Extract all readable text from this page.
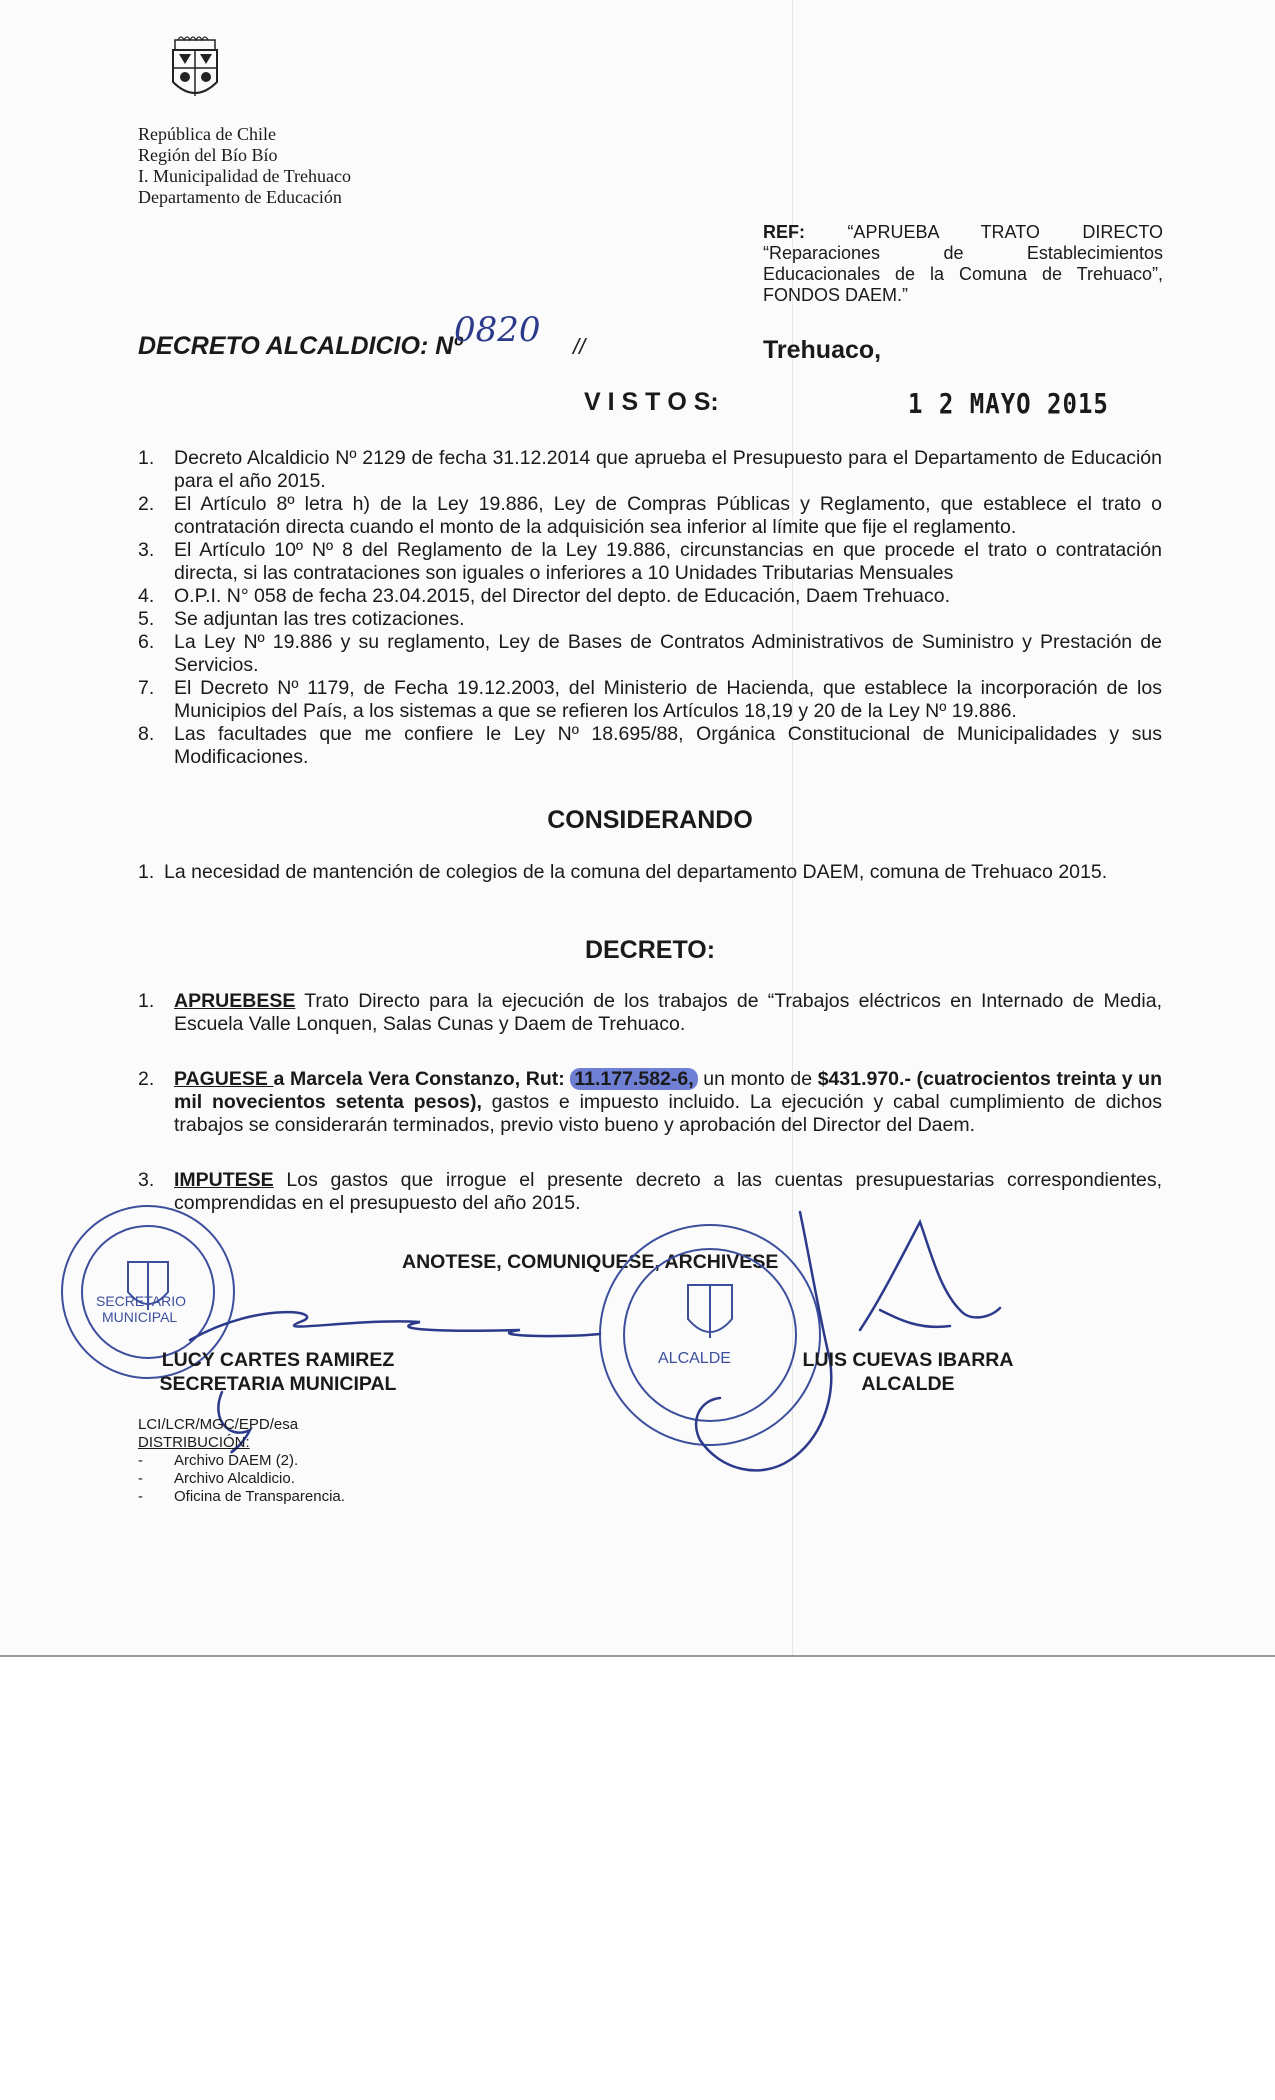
República de Chile
Región del Bío Bío
I. Municipalidad de Trehuaco
Departamento de Educación
REF: “APRUEBA TRATO DIRECTO “Reparaciones de Establecimientos Educacionales de la Comuna de Trehuaco”, FONDOS DAEM.”
DECRETO ALCALDICIO: Nº
0820 //	Trehuaco,
V I S T O S:	1 2 MAYO 2015
1.	Decreto Alcaldicio Nº 2129 de fecha 31.12.2014 que aprueba el Presupuesto para el Departamento de Educación para el año 2015.
2.	El Artículo 8º letra h) de la Ley 19.886, Ley de Compras Públicas y Reglamento, que establece el trato o contratación directa cuando el monto de la adquisición sea inferior al límite que fije el reglamento.
3.	El Artículo 10º Nº 8 del Reglamento de la Ley 19.886, circunstancias en que procede el trato o contratación directa, si las contrataciones son iguales o inferiores a 10 Unidades Tributarias Mensuales
4.	O.P.I. N° 058 de fecha 23.04.2015, del Director del depto. de Educación, Daem Trehuaco.
5.	Se adjuntan las tres cotizaciones.
6.	La Ley Nº 19.886 y su reglamento, Ley de Bases de Contratos Administrativos de Suministro y Prestación de Servicios.
7.	El Decreto Nº 1179, de Fecha 19.12.2003, del Ministerio de Hacienda, que establece la incorporación de los Municipios del País, a los sistemas a que se refieren los Artículos 18,19 y 20 de la Ley Nº 19.886.
8.	Las facultades que me confiere le Ley Nº 18.695/88, Orgánica Constitucional de Municipalidades y sus Modificaciones.
CONSIDERANDO
1. La necesidad de mantención de colegios de la comuna del departamento DAEM, comuna de Trehuaco 2015.
DECRETO:
1.	APRUEBESE Trato Directo para la ejecución de los trabajos de “Trabajos eléctricos en Internado de Media, Escuela Valle Lonquen, Salas Cunas y Daem de Trehuaco.
2.	PAGUESE a Marcela Vera Constanzo, Rut: 11.177.582-6, un monto de $431.970.- (cuatrocientos treinta y un mil novecientos setenta pesos), gastos e impuesto incluido. La ejecución y cabal cumplimiento de dichos trabajos se considerarán terminados, previo visto bueno y aprobación del Director del Daem.
3.	IMPUTESE Los gastos que irrogue el presente decreto a las cuentas presupuestarias correspondientes, comprendidas en el presupuesto del año 2015.
ANOTESE, COMUNIQUESE, ARCHIVESE
SECRETARIO
MUNICIPAL
ALCALDE
LUCY CARTES RAMIREZ
SECRETARIA MUNICIPAL
LUIS CUEVAS IBARRA
ALCALDE
LCI/LCR/MGC/EPD/esa
DISTRIBUCIÓN:
-	Archivo DAEM (2).
-	Archivo Alcaldicio.
-	Oficina de Transparencia.
